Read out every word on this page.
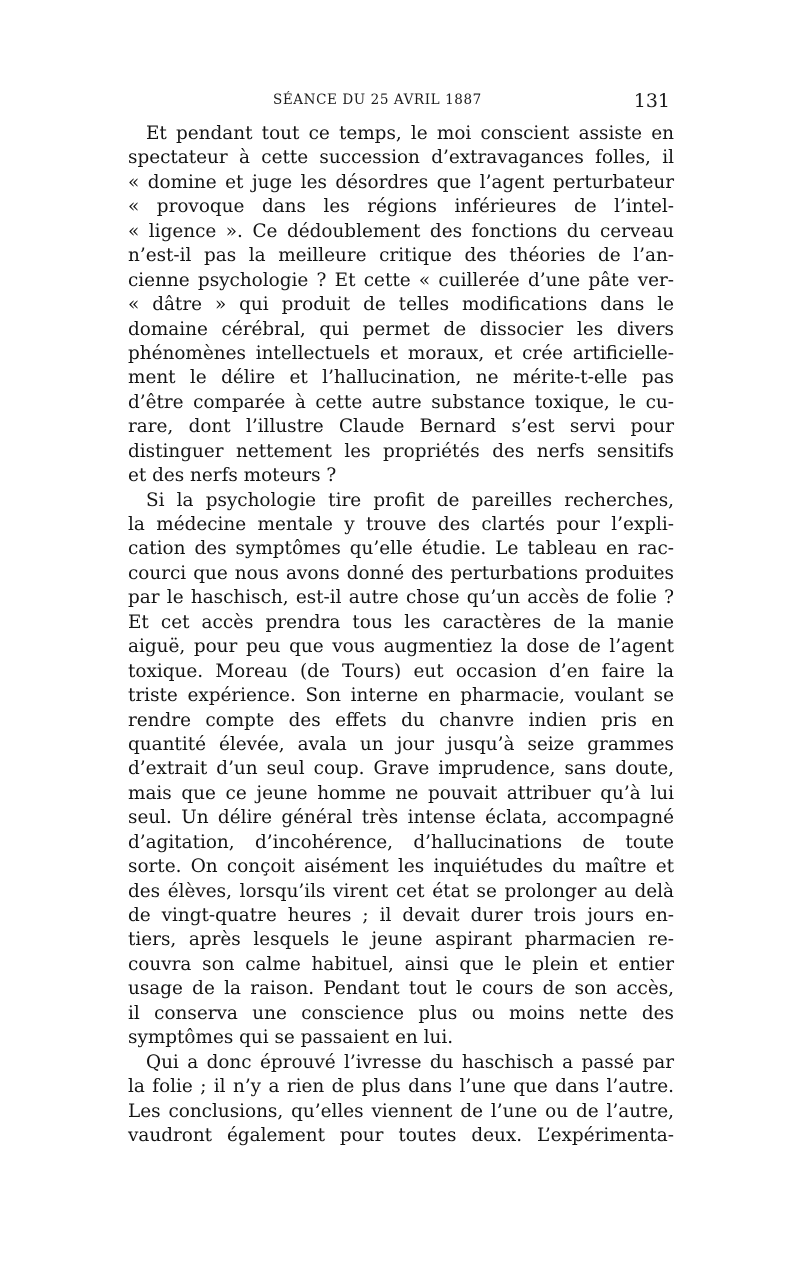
SÉANCE DU 25 AVRIL 1887	131
Et pendant tout ce temps, le moi conscient assiste en
spectateur à cette succession d’extravagances folles, il
« domine et juge les désordres que l’agent perturbateur
« provoque dans les régions inférieures de l’intel-
« ligence ». Ce dédoublement des fonctions du cerveau
n’est-il pas la meilleure critique des théories de l’an-
cienne psychologie ? Et cette « cuillerée d’une pâte ver-
« dâtre » qui produit de telles modifications dans le
domaine cérébral, qui permet de dissocier les divers
phénomènes intellectuels et moraux, et crée artificielle-
ment le délire et l’hallucination, ne mérite-t-elle pas
d’être comparée à cette autre substance toxique, le cu-
rare, dont l’illustre Claude Bernard s’est servi pour
distinguer nettement les propriétés des nerfs sensitifs
et des nerfs moteurs ?
Si la psychologie tire profit de pareilles recherches,
la médecine mentale y trouve des clartés pour l’expli-
cation des symptômes qu’elle étudie. Le tableau en rac-
courci que nous avons donné des perturbations produites
par le haschisch, est-il autre chose qu’un accès de folie ?
Et cet accès prendra tous les caractères de la manie
aiguë, pour peu que vous augmentiez la dose de l’agent
toxique. Moreau (de Tours) eut occasion d’en faire la
triste expérience. Son interne en pharmacie, voulant se
rendre compte des effets du chanvre indien pris en
quantité élevée, avala un jour jusqu’à seize grammes
d’extrait d’un seul coup. Grave imprudence, sans doute,
mais que ce jeune homme ne pouvait attribuer qu’à lui
seul. Un délire général très intense éclata, accompagné
d’agitation, d’incohérence, d’hallucinations de toute
sorte. On conçoit aisément les inquiétudes du maître et
des élèves, lorsqu’ils virent cet état se prolonger au delà
de vingt-quatre heures ; il devait durer trois jours en-
tiers, après lesquels le jeune aspirant pharmacien re-
couvra son calme habituel, ainsi que le plein et entier
usage de la raison. Pendant tout le cours de son accès,
il conserva une conscience plus ou moins nette des
symptômes qui se passaient en lui.
Qui a donc éprouvé l’ivresse du haschisch a passé par
la folie ; il n’y a rien de plus dans l’une que dans l’autre.
Les conclusions, qu’elles viennent de l’une ou de l’autre,
vaudront également pour toutes deux. L’expérimenta-
